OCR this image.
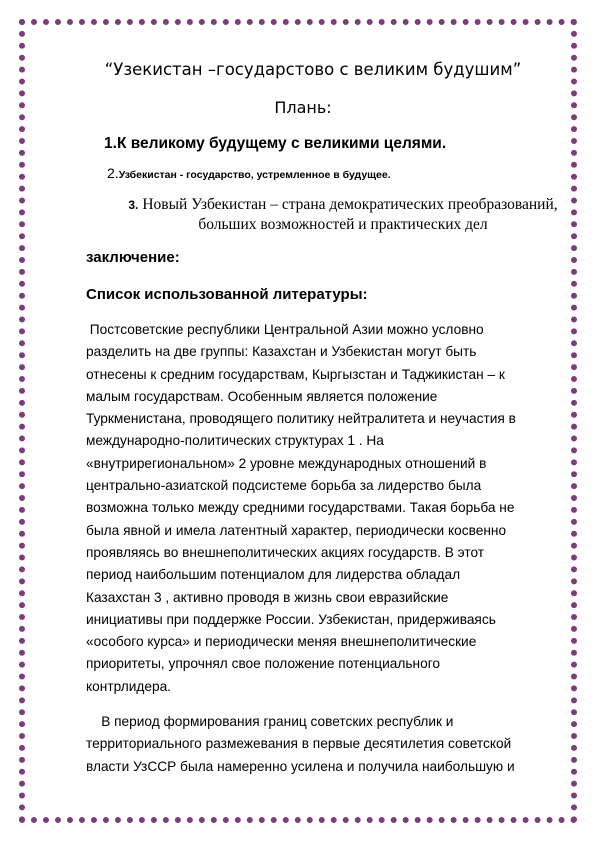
“Узекистан –государстово с великим будушим”
Плань:
1.К великому будущему с великими целями.
2.Узбекистан - государство, устремленное в будущее.
3. Новый Узбекистан – страна демократических преобразований,
больших возможностей и практических дел
заключение:
Список использованной литературы:
Постсоветские республики Центральной Азии можно условно
разделить на две группы: Казахстан и Узбекистан могут быть
отнесены к средним государствам, Кыргызстан и Таджикистан – к
малым государствам. Особенным является положение
Туркменистана, проводящего политику нейтралитета и неучастия в
международно-политических структурах 1 . На
«внутрирегиональном» 2 уровне международных отношений в
центрально-азиатской подсистеме борьба за лидерство была
возможна только между средними государствами. Такая борьба не
была явной и имела латентный характер, периодически косвенно
проявляясь во внешнеполитических акциях государств. В этот
период наибольшим потенциалом для лидерства обладал
Казахстан 3 , активно проводя в жизнь свои евразийские
инициативы при поддержке России. Узбекистан, придерживаясь
«особого курса» и периодически меняя внешнеполитические
приоритеты, упрочнял свое положение потенциального
контрлидера.
В период формирования границ советских республик и
территориального размежевания в первые десятилетия советской
власти УзССР была намеренно усилена и получила наибольшую и
